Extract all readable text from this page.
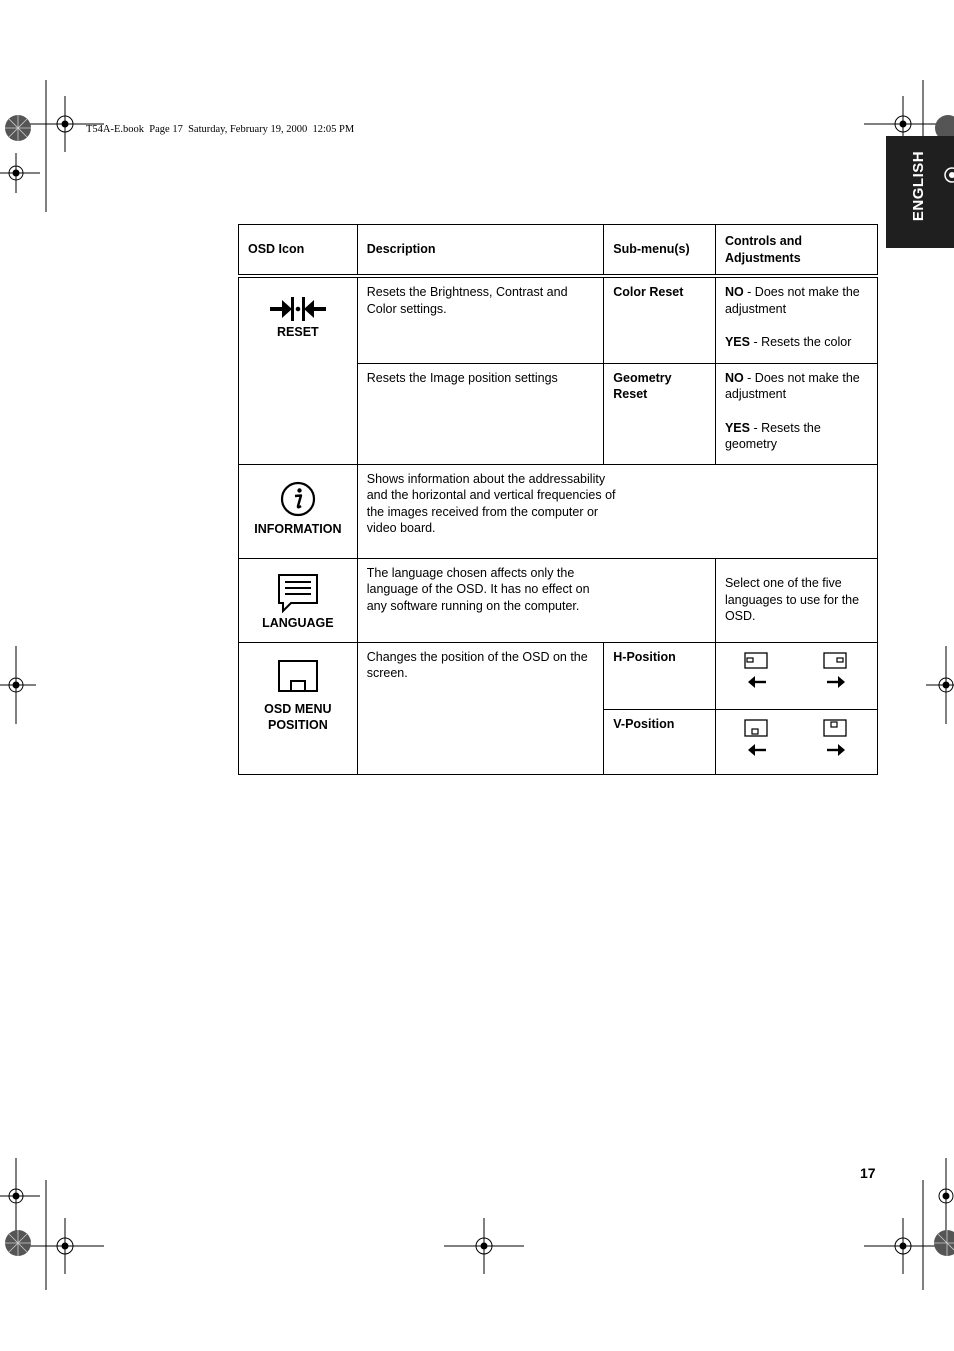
T54A-E.book  Page 17  Saturday, February 19, 2000  12:05 PM
ENGLISH
OSD Icon	Description	Sub-menu(s)	Controls and Adjustments

RESET	Resets the Brightness, Contrast and Color settings.	Color Reset	NO - Does not make the adjustment

YES - Resets the color

	Resets the Image position settings	Geometry Reset	NO - Does not make the adjustment

YES - Resets the geometry

INFORMATION	Shows information about the addressability and the horizontal and vertical frequencies of the images received from the computer or video board.		

LANGUAGE	The language chosen affects only the language of the OSD. It has no effect on any software running on the computer.		Select one of the five languages to use for the OSD.

OSD MENU
POSITION	Changes the position of the OSD on the screen.	H-Position	

		V-Position	
17
